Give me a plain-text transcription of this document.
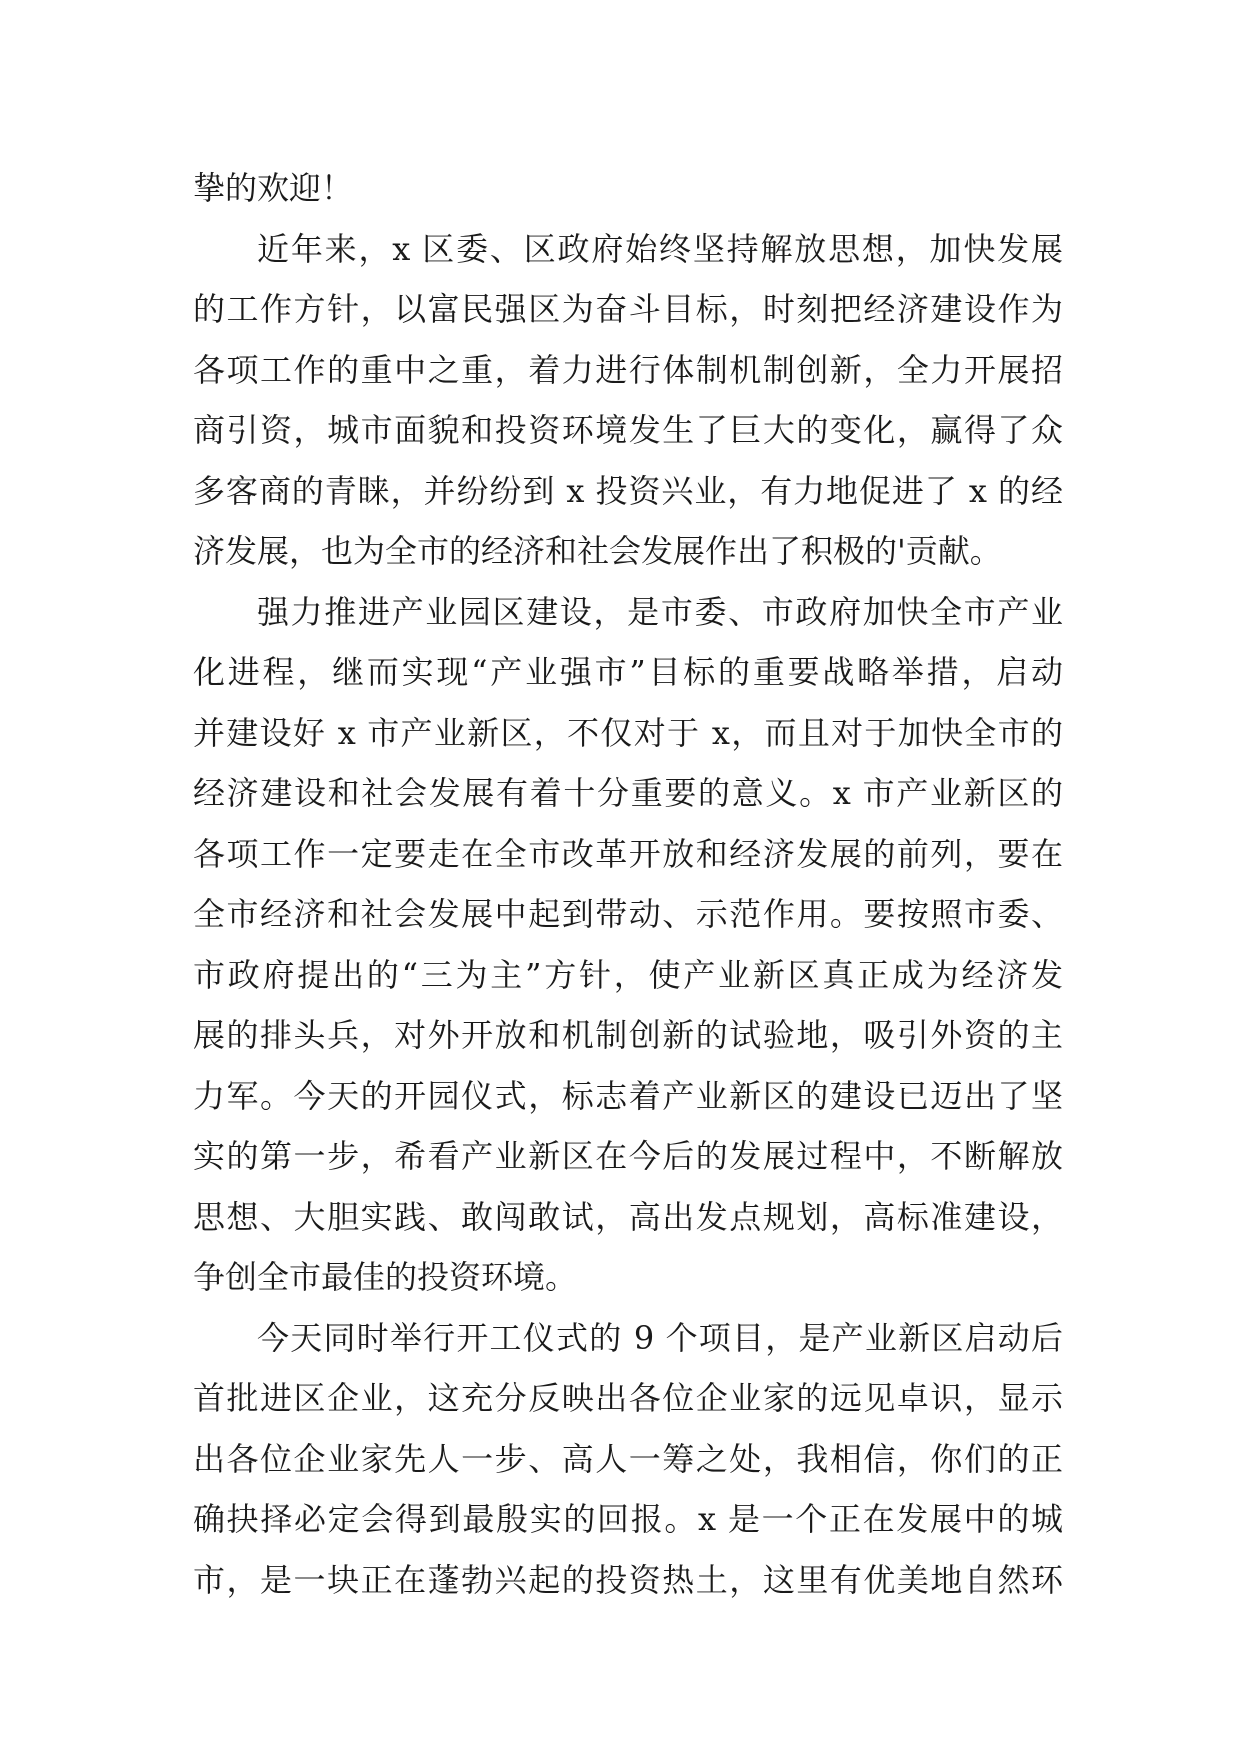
挚的欢迎！
近年来，x 区委、区政府始终坚持解放思想，加快发展
的工作方针，以富民强区为奋斗目标，时刻把经济建设作为
各项工作的重中之重，着力进行体制机制创新，全力开展招
商引资，城市面貌和投资环境发生了巨大的变化，赢得了众
多客商的青睐，并纷纷到 x 投资兴业，有力地促进了 x 的经
济发展，也为全市的经济和社会发展作出了积极的'贡献。
强力推进产业园区建设，是市委、市政府加快全市产业
化进程，继而实现“产业强市”目标的重要战略举措，启动
并建设好 x 市产业新区，不仅对于 x，而且对于加快全市的
经济建设和社会发展有着十分重要的意义。x 市产业新区的
各项工作一定要走在全市改革开放和经济发展的前列，要在
全市经济和社会发展中起到带动、示范作用。要按照市委、
市政府提出的“三为主”方针，使产业新区真正成为经济发
展的排头兵，对外开放和机制创新的试验地，吸引外资的主
力军。今天的开园仪式，标志着产业新区的建设已迈出了坚
实的第一步，希看产业新区在今后的发展过程中，不断解放
思想、大胆实践、敢闯敢试，高出发点规划，高标准建设，
争创全市最佳的投资环境。
今天同时举行开工仪式的 9 个项目，是产业新区启动后
首批进区企业，这充分反映出各位企业家的远见卓识，显示
出各位企业家先人一步、高人一筹之处，我相信，你们的正
确抉择必定会得到最殷实的回报。x 是一个正在发展中的城
市，是一块正在蓬勃兴起的投资热土，这里有优美地自然环
